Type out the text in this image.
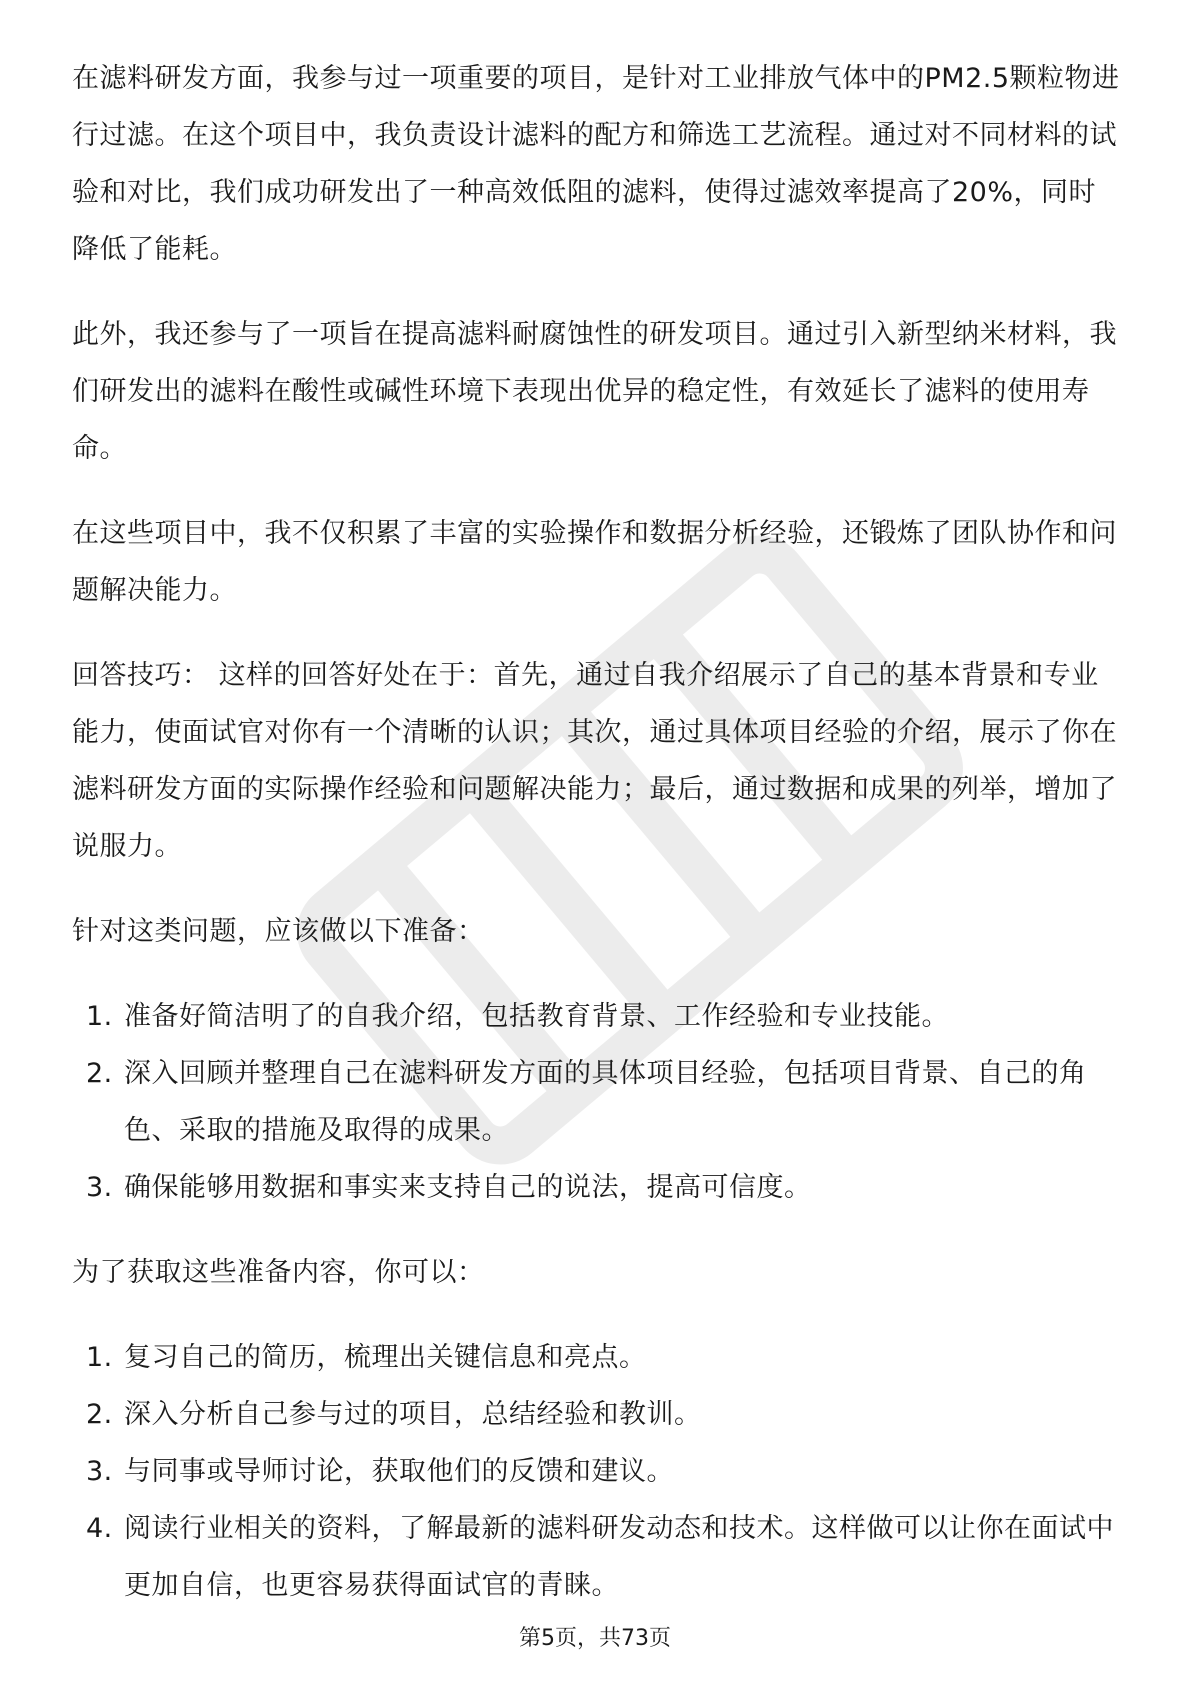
在滤料研发方面，我参与过一项重要的项目，是针对工业排放气体中的PM2.5颗粒物进行过滤。在这个项目中，我负责设计滤料的配方和筛选工艺流程。通过对不同材料的试验和对比，我们成功研发出了一种高效低阻的滤料，使得过滤效率提高了20%，同时降低了能耗。

此外，我还参与了一项旨在提高滤料耐腐蚀性的研发项目。通过引入新型纳米材料，我们研发出的滤料在酸性或碱性环境下表现出优异的稳定性，有效延长了滤料的使用寿命。

在这些项目中，我不仅积累了丰富的实验操作和数据分析经验，还锻炼了团队协作和问题解决能力。

回答技巧： 这样的回答好处在于：首先，通过自我介绍展示了自己的基本背景和专业能力，使面试官对你有一个清晰的认识；其次，通过具体项目经验的介绍，展示了你在滤料研发方面的实际操作经验和问题解决能力；最后，通过数据和成果的列举，增加了说服力。

针对这类问题，应该做以下准备：

1. 准备好简洁明了的自我介绍，包括教育背景、工作经验和专业技能。
2. 深入回顾并整理自己在滤料研发方面的具体项目经验，包括项目背景、自己的角色、采取的措施及取得的成果。
3. 确保能够用数据和事实来支持自己的说法，提高可信度。

为了获取这些准备内容，你可以：

1. 复习自己的简历，梳理出关键信息和亮点。
2. 深入分析自己参与过的项目，总结经验和教训。
3. 与同事或导师讨论，获取他们的反馈和建议。
4. 阅读行业相关的资料，了解最新的滤料研发动态和技术。这样做可以让你在面试中更加自信，也更容易获得面试官的青睐。
第5页，共73页
